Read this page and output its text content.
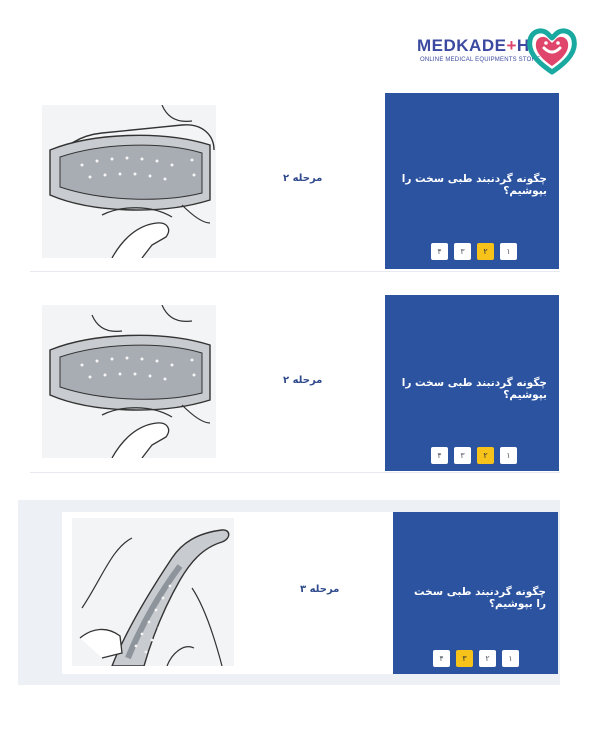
MEDKADE+H
ONLINE MEDICAL EQUIPMENTS STORE
مرحله ۲	چگونه گردنبند طبی سخت را بپوشیم؟
۴	۳	۲	۱
مرحله ۲	چگونه گردنبند طبی سخت را بپوشیم؟
۴	۳	۲	۱
مرحله ۳	چگونه گردنبند طبی سخت را بپوشیم؟
۴	۳	۲	۱
